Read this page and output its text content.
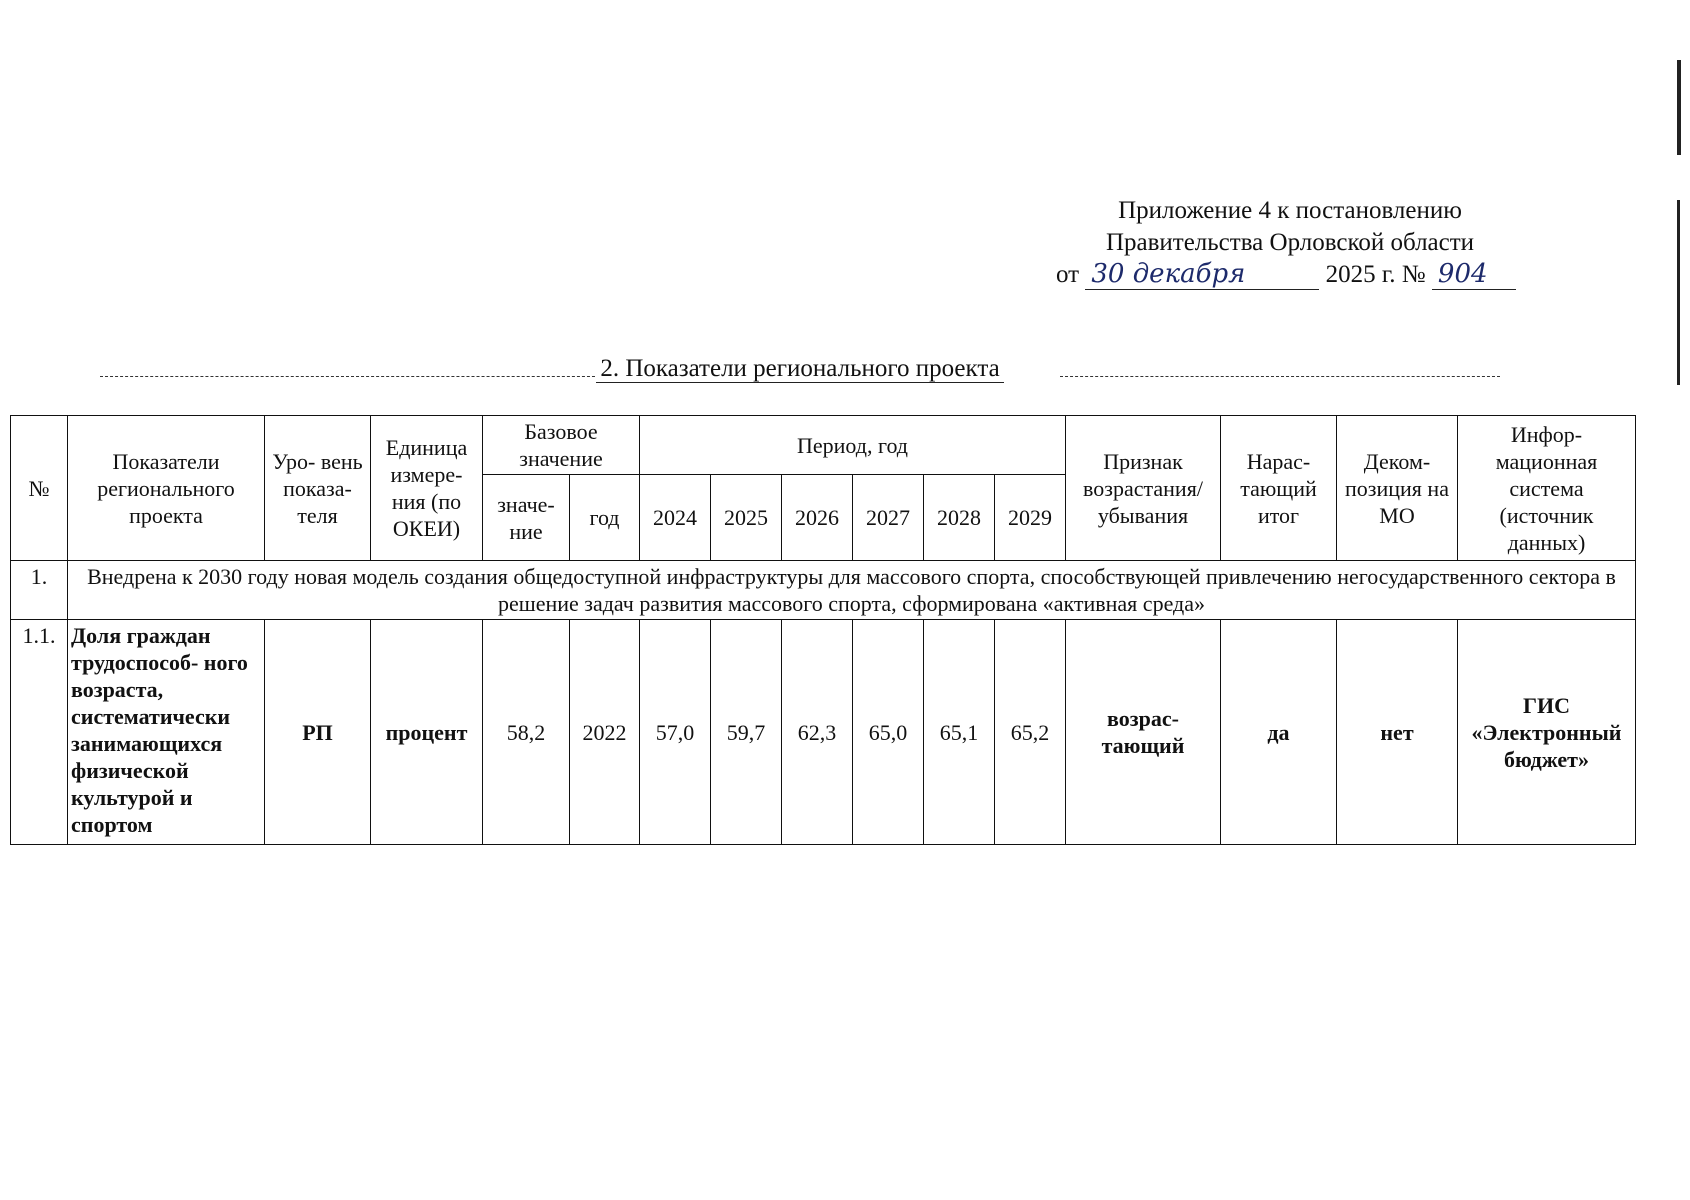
Приложение 4 к постановлению
Правительства Орловской области
от 30 декабря	2025 г. № 904
2. Показатели регионального проекта
№	Показатели регионального проекта	Уро- вень показа- теля	Единица измере- ния (по ОКЕИ)	Базовое значение		Период, год						Признак возрастания/ убывания	Нарас- тающий итог	Деком- позиция на МО	Инфор- мационная система (источник данных)
				значе- ние	год	2024	2025	2026	2027	2028	2029				
1.	Внедрена к 2030 году новая модель создания общедоступной инфраструктуры для массового спорта, способствующей привлечению негосударственного сектора в решение задач развития массового спорта, сформирована «активная среда»														
1.1.	Доля граждан трудоспособ- ного возраста, систематически занимающихся физической культурой и спортом	РП	процент	58,2	2022	57,0	59,7	62,3	65,0	65,1	65,2	возрас- тающий	да	нет	ГИС «Электронный бюджет»
